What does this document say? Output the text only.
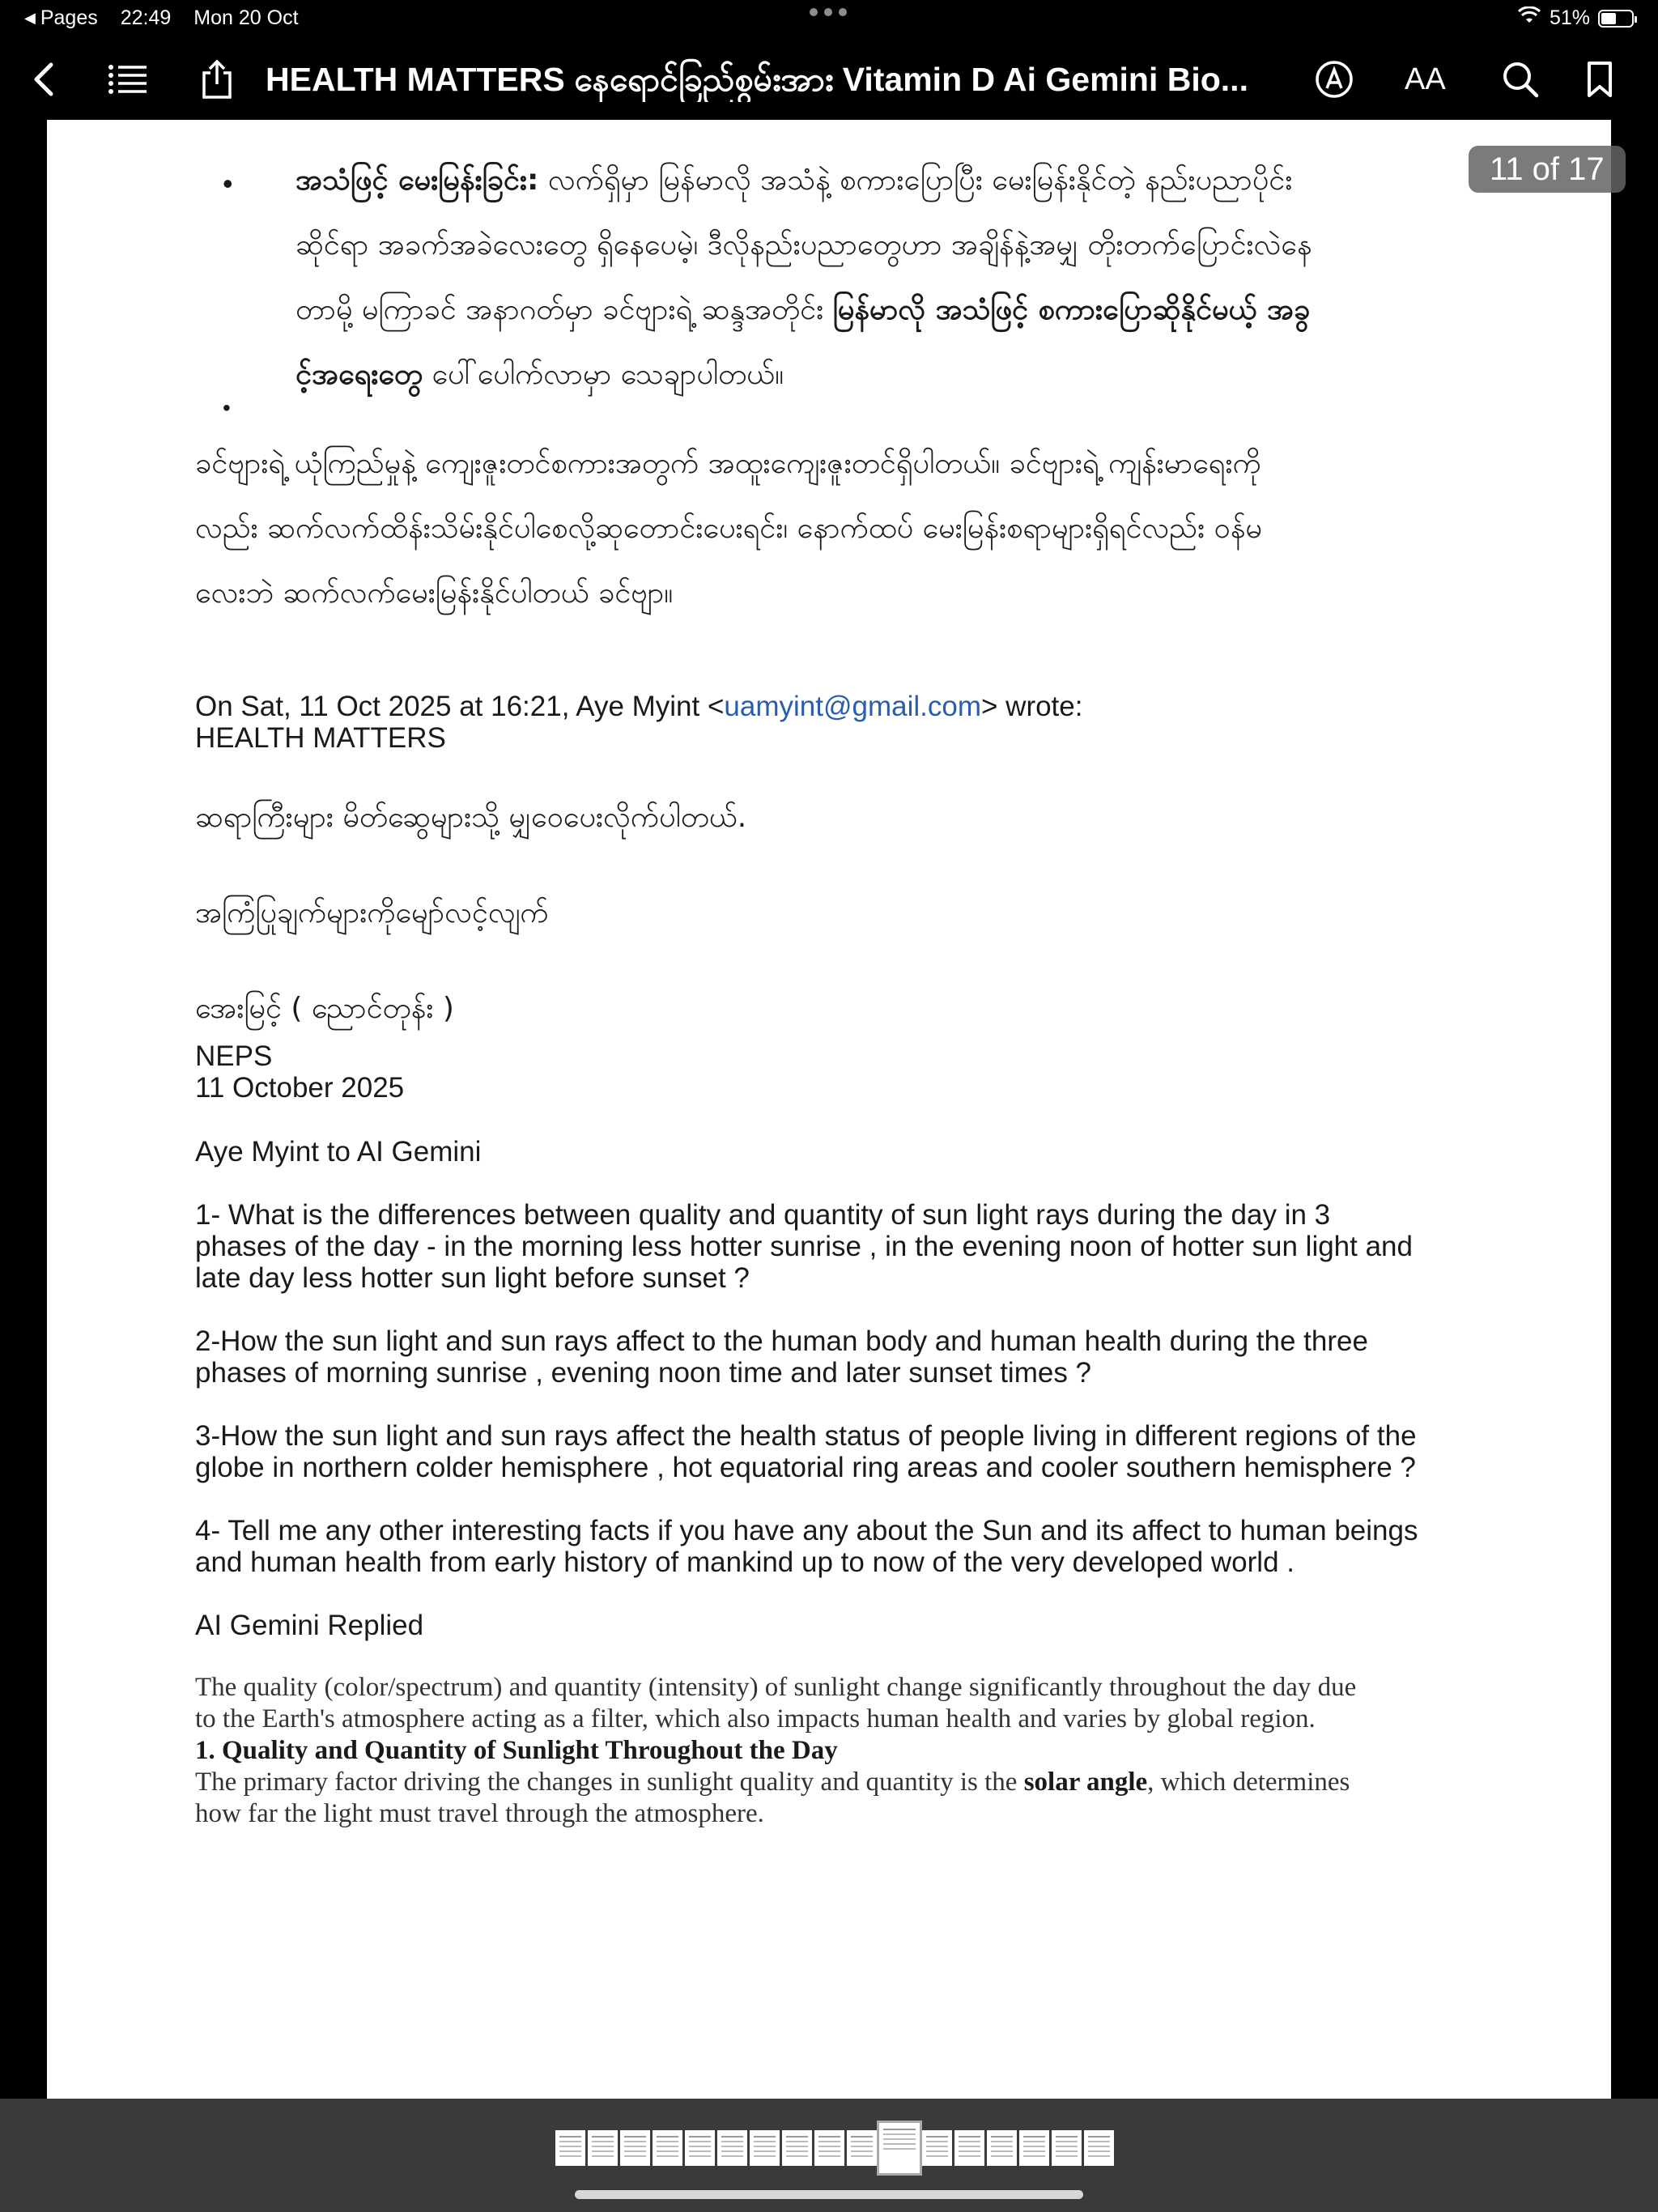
◀ Pages 22:49 Mon 20 Oct	51%
HEALTH MATTERS နေရောင်ခြည်စွမ်းအား Vitamin D Ai Gemini Bio...	AA
• အသံဖြင့် မေးမြန်းခြင်း: လက်ရှိမှာ မြန်မာလို အသံနဲ့ စကားပြောပြီး မေးမြန်းနိုင်တဲ့ နည်းပညာပိုင်း
ဆိုင်ရာ အခက်အခဲလေးတွေ ရှိနေပေမဲ့၊ ဒီလိုနည်းပညာတွေဟာ အချိန်နဲ့အမျှ တိုးတက်ပြောင်းလဲနေ
တာမို့ မကြာခင် အနာဂတ်မှာ ခင်ဗျားရဲ့ ဆန္ဒအတိုင်း မြန်မာလို အသံဖြင့် စကားပြောဆိုနိုင်မယ့် အခွ
င့်အရေးတွေ ပေါ်ပေါက်လာမှာ သေချာပါတယ်။
•
ခင်ဗျားရဲ့ ယုံကြည်မှုနဲ့ ကျေးဇူးတင်စကားအတွက် အထူးကျေးဇူးတင်ရှိပါတယ်။ ခင်ဗျားရဲ့ ကျန်းမာရေးကို
လည်း ဆက်လက်ထိန်းသိမ်းနိုင်ပါစေလို့ဆုတောင်းပေးရင်း၊ နောက်ထပ် မေးမြန်းစရာများရှိရင်လည်း ဝန်မ
လေးဘဲ ဆက်လက်မေးမြန်းနိုင်ပါတယ် ခင်ဗျာ။
On Sat, 11 Oct 2025 at 16:21, Aye Myint <uamyint@gmail.com> wrote:
HEALTH MATTERS
ဆရာကြီးများ မိတ်ဆွေများသို့ မျှဝေပေးလိုက်ပါတယ်.
အကြံပြုချက်များကိုမျော်လင့်လျက်
အေးမြင့် ( ညောင်တုန်း )
NEPS
11 October 2025
Aye Myint to AI Gemini
1- What is the differences between quality and quantity of sun light rays during the day in 3
phases of the day - in the morning less hotter sunrise , in the evening noon of hotter sun light and
late day less hotter sun light before sunset ?
2-How the sun light and sun rays affect to the human body and human health during the three
phases of morning sunrise , evening noon time and later sunset times ?
3-How the sun light and sun rays affect the health status of people living in different regions of the
globe in northern colder hemisphere , hot equatorial ring areas and cooler southern hemisphere ?
4- Tell me any other interesting facts if you have any about the Sun and its affect to human beings
and human health from early history of mankind up to now of the very developed world .
AI Gemini Replied
The quality (color/spectrum) and quantity (intensity) of sunlight change significantly throughout the day due
to the Earth's atmosphere acting as a filter, which also impacts human health and varies by global region.
1. Quality and Quantity of Sunlight Throughout the Day
The primary factor driving the changes in sunlight quality and quantity is the solar angle, which determines
how far the light must travel through the atmosphere.
11 of 17
